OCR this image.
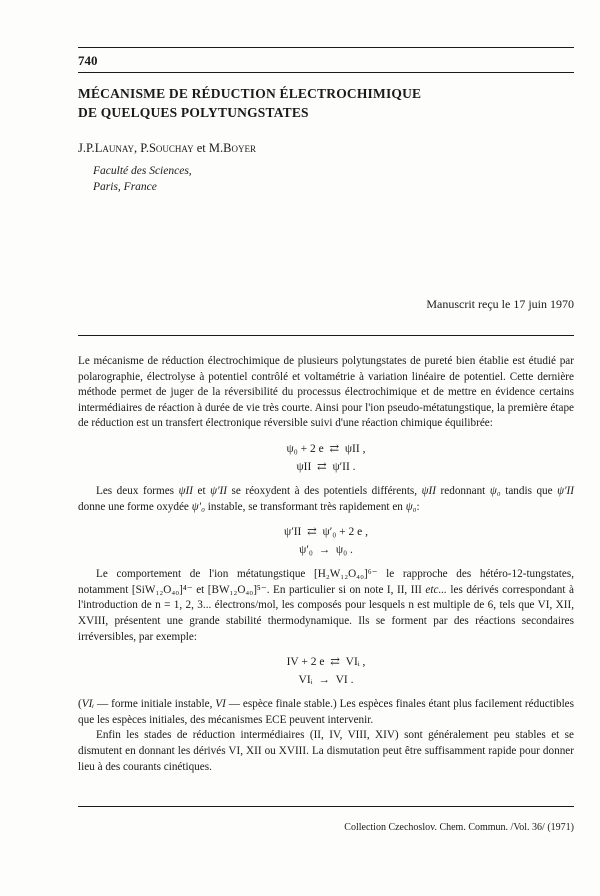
740
MÉCANISME DE RÉDUCTION ÉLECTROCHIMIQUE
DE QUELQUES POLYTUNGSTATES
J.P.Launay, P.Souchay et M.Boyer
Faculté des Sciences,
Paris, France
Manuscrit reçu le 17 juin 1970

Le mécanisme de réduction électrochimique de plusieurs polytungstates de pureté bien établie est étudié par polarographie, électrolyse à potentiel contrôlé et voltamétrie à variation linéaire de potentiel. Cette dernière méthode permet de juger de la réversibilité du processus électrochimique et de mettre en évidence certains intermédiaires de réaction à durée de vie très courte. Ainsi pour l'ion pseudo-métatungstique, la première étape de réduction est un transfert électronique réversible suivi d'une réaction chimique équilibrée:

ψ₀ + 2 e ⇄ ψII ,

ψII ⇄ ψ′II .

Les deux formes ψII et ψ′II se réoxydent à des potentiels différents, ψII redonnant ψ₀ tandis que ψ′II donne une forme oxydée ψ′₀ instable, se transformant très rapidement en ψ₀:

ψ′II ⇄ ψ′₀ + 2 e ,

ψ′₀ → ψ₀ .

Le comportement de l'ion métatungstique [H₂W₁₂O₄₀]⁶⁻ le rapproche des hétéro-12-tungstates, notamment [SiW₁₂O₄₀]⁴⁻ et [BW₁₂O₄₀]⁵⁻. En particulier si on note I, II, III etc... les dérivés correspondant à l'introduction de n = 1, 2, 3... électrons/mol, les composés pour lesquels n est multiple de 6, tels que VI, XII, XVIII, présentent une grande stabilité thermodynamique. Ils se forment par des réactions secondaires irréversibles, par exemple:

IV + 2 e ⇄ VIᵢ ,

VIᵢ → VI .

(VIᵢ — forme initiale instable, VI — espèce finale stable.) Les espèces finales étant plus facilement réductibles que les espèces initiales, des mécanismes ECE peuvent intervenir.

Enfin les stades de réduction intermédiaires (II, IV, VIII, XIV) sont généralement peu stables et se dismutent en donnant les dérivés VI, XII ou XVIII. La dismutation peut être suffisamment rapide pour donner lieu à des courants cinétiques.

Collection Czechoslov. Chem. Commun. /Vol. 36/ (1971)
